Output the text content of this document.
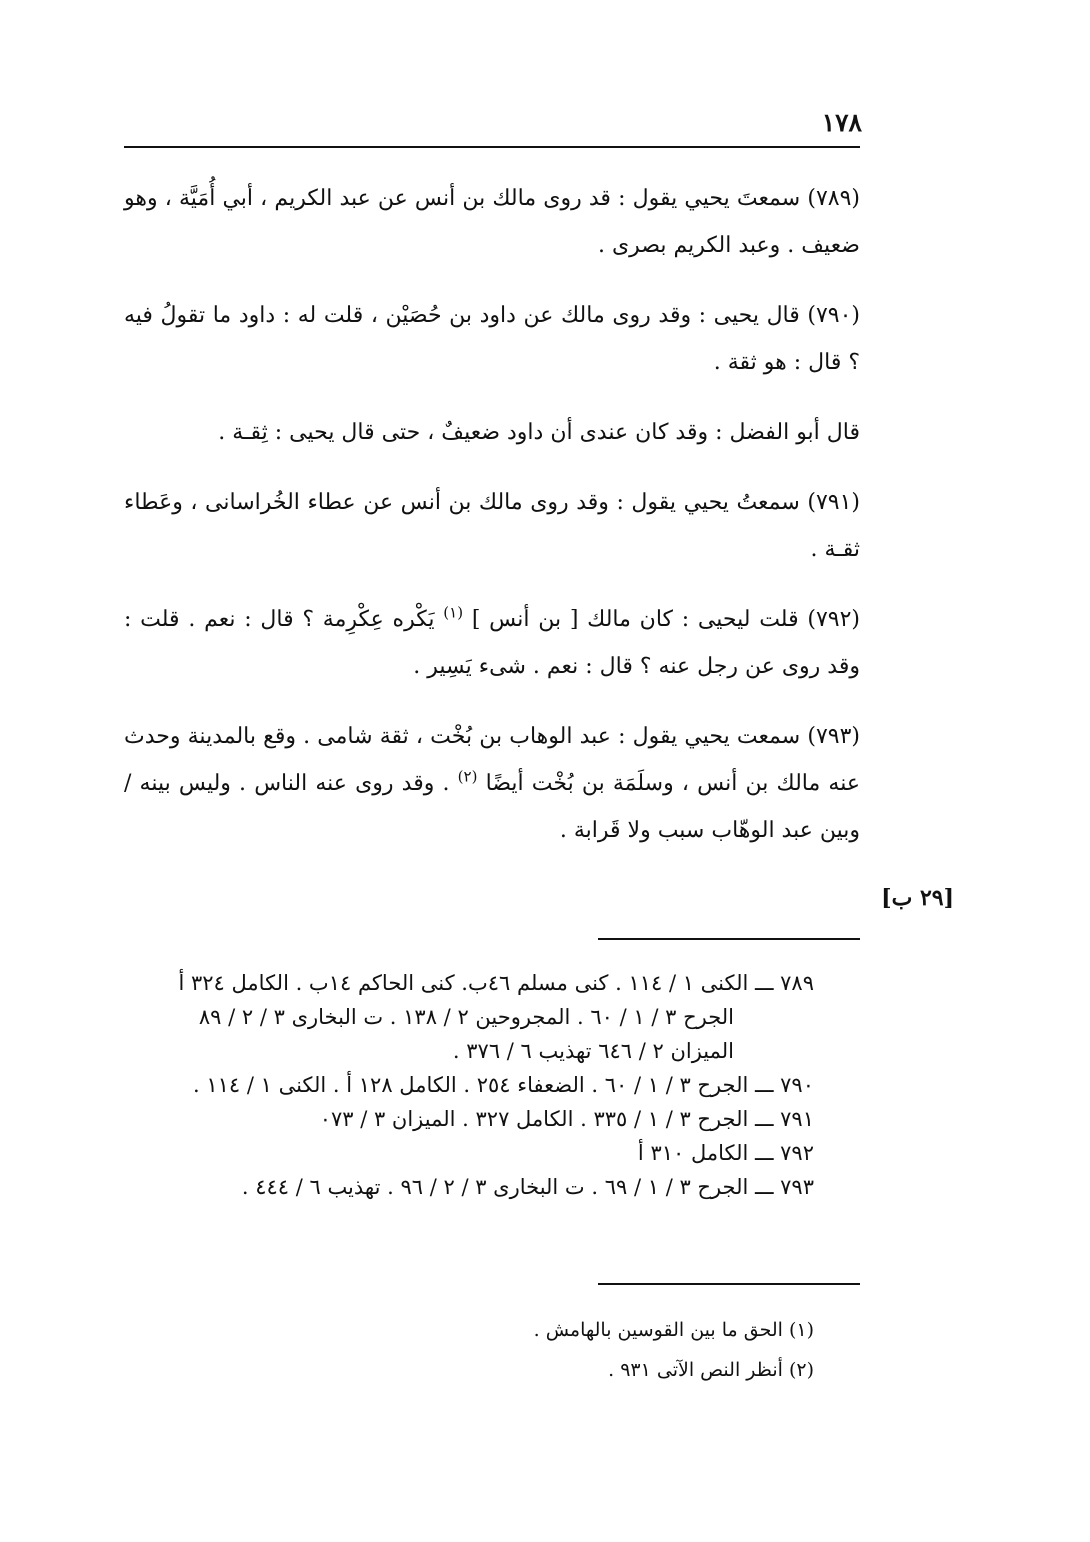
١٧٨

(٧٨٩) سمعتَ يحيي يقول : قد روى مالك بن أنس عن عبد الكريم ، أبي أُمَيَّة ، وهو ضعيف . وعبد الكريم بصرى .

(٧٩٠) قال يحيى : وقد روى مالك عن داود بن حُصَيْن ، قلت له : داود ما تقولُ فيه ؟ قال : هو ثقة .

قال أبو الفضل : وقد كان عندى أن داود ضعيفٌ ، حتى قال يحيى : ثِقـة .

(٧٩١) سمعتُ يحيي يقول : وقد روى مالك بن أنس عن عطاء الخُراسانى ، وعَطاء ثقـة .

(٧٩٢) قلت ليحيى : كان مالك [ بن أنس ] $^{(١)}$ يَكْره عِكْرِمة ؟ قال : نعم . قلت : وقد روى عن رجل عنه ؟ قال : نعم . شىء يَسِير .

(٧٩٣) سمعت يحيي يقول : عبد الوهاب بن بُخْت ، ثقة شامى . وقع بالمدينة وحدث عنه مالك بن أنس ، وسلَمَة بن بُخْت أيضًا $^{(٢)}$ . وقد روى عنه الناس . وليس بينه / وبين عبد الوهّاب سبب ولا قَرابة .

[٢٩ ب]
٧٨٩ ـــ الكنى ١ / ١١٤ . كنى مسلم ٤٦ب. كنى الحاكم ١٤ب . الكامل ٣٢٤ أ
الجرح ٣ / ١ / ٦٠ . المجروحين ٢ / ١٣٨ . ت البخارى ٣ / ٢ / ٨٩
الميزان ٢ / ٦٤٦ تهذيب ٦ / ٣٧٦ .
٧٩٠ ـــ الجرح ٣ / ١ / ٦٠ . الضعفاء ٢٥٤ . الكامل ١٢٨ أ . الكنى ١ / ١١٤ .
٧٩١ ـــ الجرح ٣ / ١ / ٣٣٥ . الكامل ٣٢٧ . الميزان ٣ / ٠٧٣
٧٩٢ ـــ الكامل ٣١٠ أ
٧٩٣ ـــ الجرح ٣ / ١ / ٦٩ . ت البخارى ٣ / ٢ / ٩٦ . تهذيب ٦ / ٤٤٤ .
(١) الحق ما بين القوسين بالهامش .
(٢) أنظر النص الآتى ٩٣١ .
